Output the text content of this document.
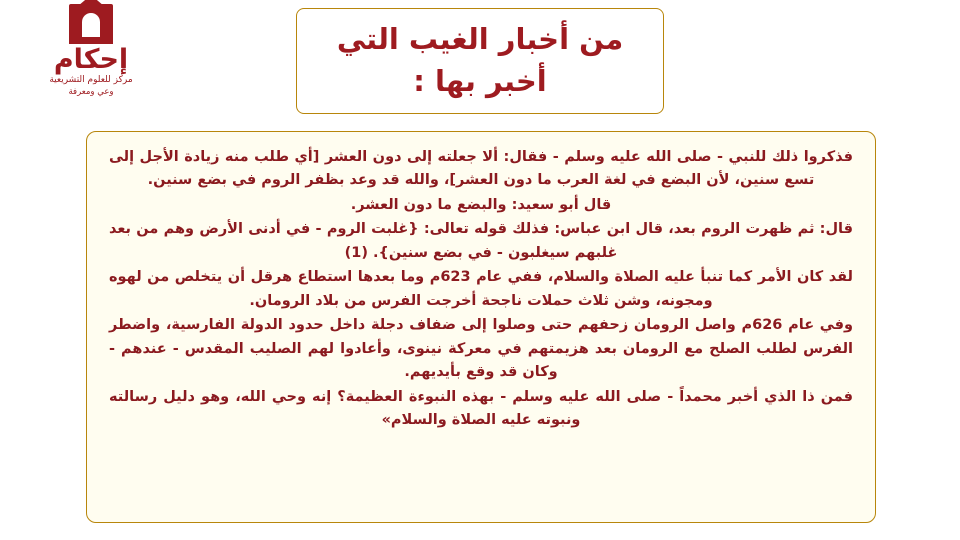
إحكام
مركز للعلوم التشريعية
وعي ومعرفة
من أخبار الغيب التي
أخبر بها :

فذكروا ذلك للنبي - صلى الله عليه وسلم - فقال: ألا جعلته إلى دون العشر [أي طلب منه زيادة الأجل إلى تسع سنين، لأن البضع في لغة العرب ما دون العشر]، والله قد وعد بظفر الروم في بضع سنين.

قال أبو سعيد: والبضع ما دون العشر.

قال: ثم ظهرت الروم بعد، قال ابن عباس: فذلك قوله تعالى: {غلبت الروم - في أدنى الأرض وهم من بعد غلبهم سيغلبون - في بضع سنين}. (1)

لقد كان الأمر كما تنبأ عليه الصلاة والسلام، ففي عام 623م وما بعدها استطاع هرقل أن يتخلص من لهوه ومجونه، وشن ثلاث حملات ناجحة أخرجت الفرس من بلاد الرومان.

وفي عام 626م واصل الرومان زحفهم حتى وصلوا إلى ضفاف دجلة داخل حدود الدولة الفارسية، واضطر الفرس لطلب الصلح مع الرومان بعد هزيمتهم في معركة نينوى، وأعادوا لهم الصليب المقدس - عندهم - وكان قد وقع بأيديهم.

فمن ذا الذي أخبر محمداً - صلى الله عليه وسلم - بهذه النبوءة العظيمة؟ إنه وحي الله، وهو دليل رسالته ونبوته عليه الصلاة والسلام»
